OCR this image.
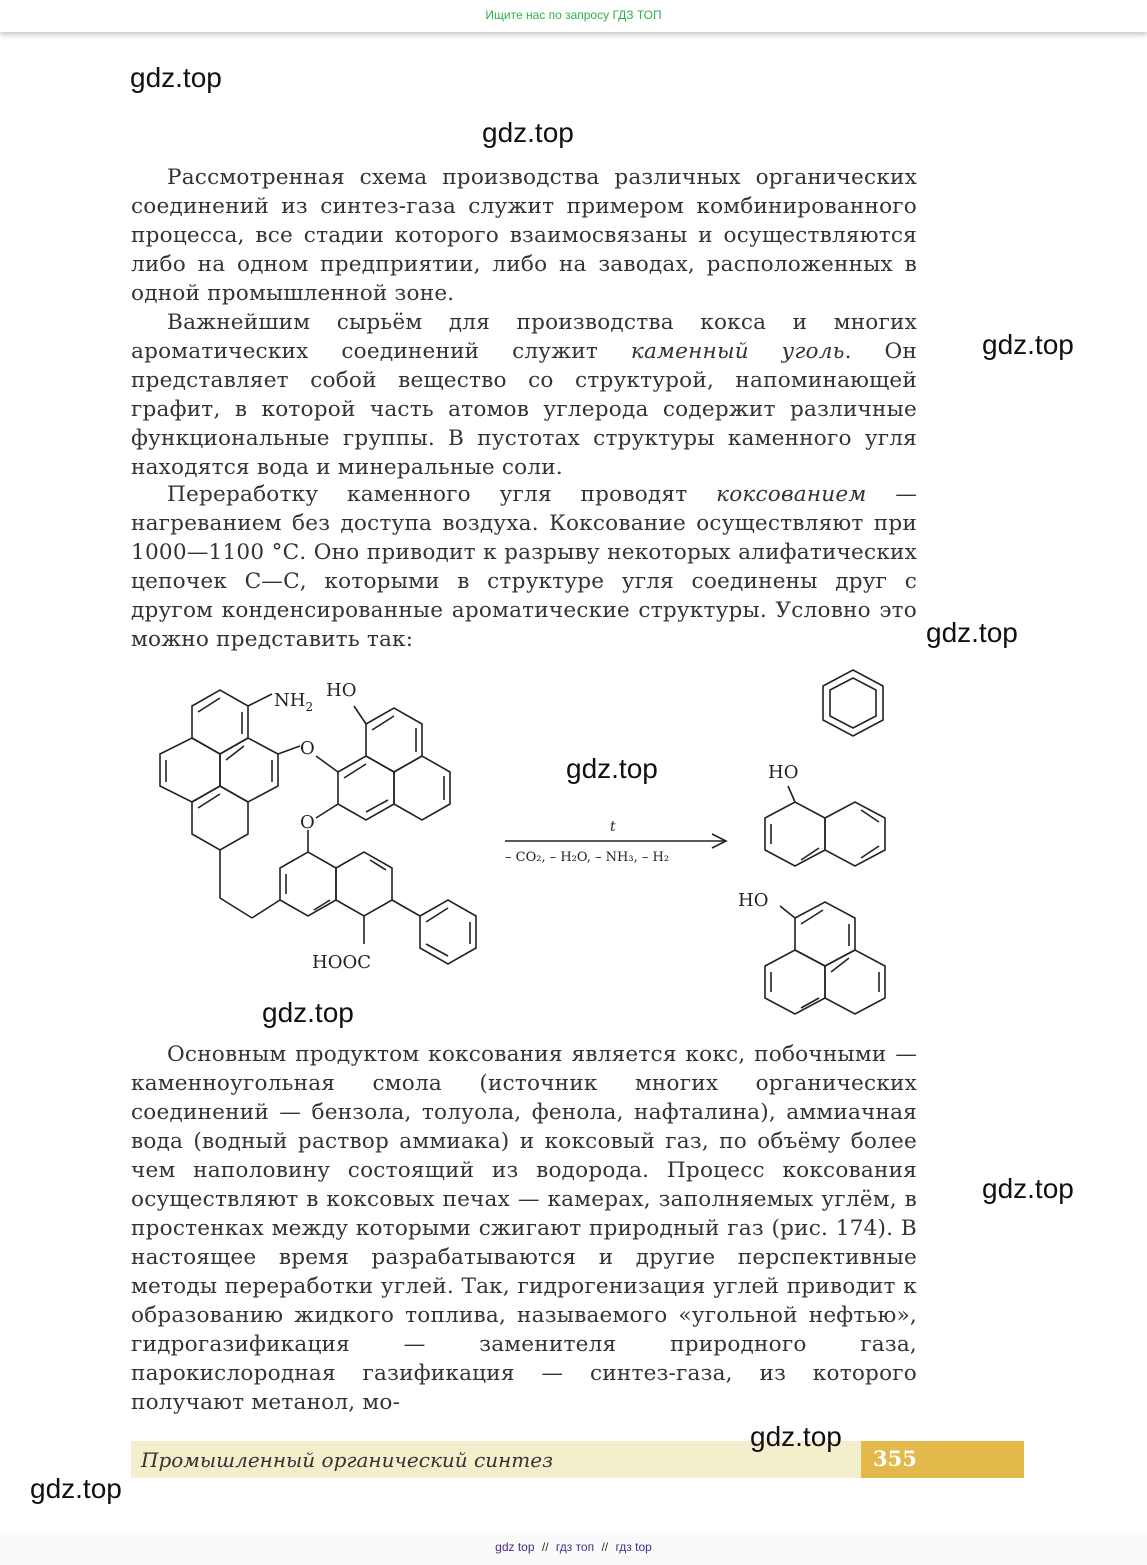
Ищите нас по запросу ГДЗ ТОП
gdz.top
gdz.top
gdz.top
gdz.top
gdz.top
gdz.top
gdz.top
gdz.top
gdz.top

Рассмотренная схема производства различных органических соединений из синтез-газа служит примером комбинированного процесса, все стадии которого взаимосвязаны и осуществляются либо на одном предприятии, либо на заводах, расположенных в одной промышленной зоне.

Важнейшим сырьём для производства кокса и многих ароматических соединений служит каменный уголь. Он представляет собой вещество со структурой, напоминающей графит, в которой часть атомов углерода содержит различные функциональные группы. В пустотах структуры каменного угля находятся вода и минеральные соли.

Переработку каменного угля проводят коксованием — нагреванием без доступа воздуха. Коксование осуществляют при 1000—1100 °С. Оно приводит к разрыву некоторых алифатических цепочек С—С, которыми в структуре угля соединены друг с другом конденсированные ароматические структуры. Условно это можно представить так:

$NH_2$
HO
O
O
HOOC
t
– CO₂, – H₂O, – NH₃, – H₂
HO
HO

Основным продуктом коксования является кокс, побочными — каменноугольная смола (источник многих органических соединений — бензола, толуола, фенола, нафталина), аммиачная вода (водный раствор аммиака) и коксовый газ, по объёму более чем наполовину состоящий из водорода. Процесс коксования осуществляют в коксовых печах — камерах, заполняемых углём, в простенках между которыми сжигают природный газ (рис. 174). В настоящее время разрабатываются и другие перспективные методы переработки углей. Так, гидрогенизация углей приводит к образованию жидкого топлива, называемого «угольной нефтью», гидрогазификация — заменителя природного газа, парокислородная газификация — синтез-газа, из которого получают метанол, мо-

Промышленный органический синтез	355
gdz top // гдз топ // гдз top
